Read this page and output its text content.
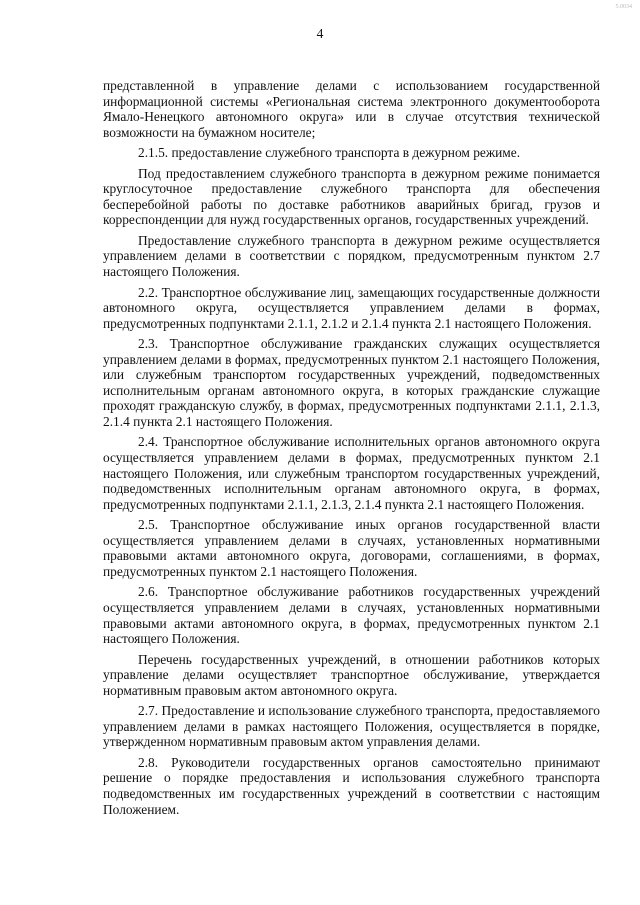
5.0034
4

представленной в управление делами с использованием государственной информационной системы «Региональная система электронного документооборота Ямало-Ненецкого автономного округа» или в случае отсутствия технической возможности на бумажном носителе;

2.1.5. предоставление служебного транспорта в дежурном режиме.

Под предоставлением служебного транспорта в дежурном режиме понимается круглосуточное предоставление служебного транспорта для обеспечения бесперебойной работы по доставке работников аварийных бригад, грузов и корреспонденции для нужд государственных органов, государственных учреждений.

Предоставление служебного транспорта в дежурном режиме осуществляется управлением делами в соответствии с порядком, предусмотренным пунктом 2.7 настоящего Положения.

2.2. Транспортное обслуживание лиц, замещающих государственные должности автономного округа, осуществляется управлением делами в формах, предусмотренных подпунктами 2.1.1, 2.1.2 и 2.1.4 пункта 2.1 настоящего Положения.

2.3. Транспортное обслуживание гражданских служащих осуществляется управлением делами в формах, предусмотренных пунктом 2.1 настоящего Положения, или служебным транспортом государственных учреждений, подведомственных исполнительным органам автономного округа, в которых гражданские служащие проходят гражданскую службу, в формах, предусмотренных подпунктами 2.1.1, 2.1.3, 2.1.4 пункта 2.1 настоящего Положения.

2.4. Транспортное обслуживание исполнительных органов автономного округа осуществляется управлением делами в формах, предусмотренных пунктом 2.1 настоящего Положения, или служебным транспортом государственных учреждений, подведомственных исполнительным органам автономного округа, в формах, предусмотренных подпунктами 2.1.1, 2.1.3, 2.1.4 пункта 2.1 настоящего Положения.

2.5. Транспортное обслуживание иных органов государственной власти осуществляется управлением делами в случаях, установленных нормативными правовыми актами автономного округа, договорами, соглашениями, в формах, предусмотренных пунктом 2.1 настоящего Положения.

2.6. Транспортное обслуживание работников государственных учреждений осуществляется управлением делами в случаях, установленных нормативными правовыми актами автономного округа, в формах, предусмотренных пунктом 2.1 настоящего Положения.

Перечень государственных учреждений, в отношении работников которых управление делами осуществляет транспортное обслуживание, утверждается нормативным правовым актом автономного округа.

2.7. Предоставление и использование служебного транспорта, предоставляемого управлением делами в рамках настоящего Положения, осуществляется в порядке, утвержденном нормативным правовым актом управления делами.

2.8. Руководители государственных органов самостоятельно принимают решение о порядке предоставления и использования служебного транспорта подведомственных им государственных учреждений в соответствии с настоящим Положением.
